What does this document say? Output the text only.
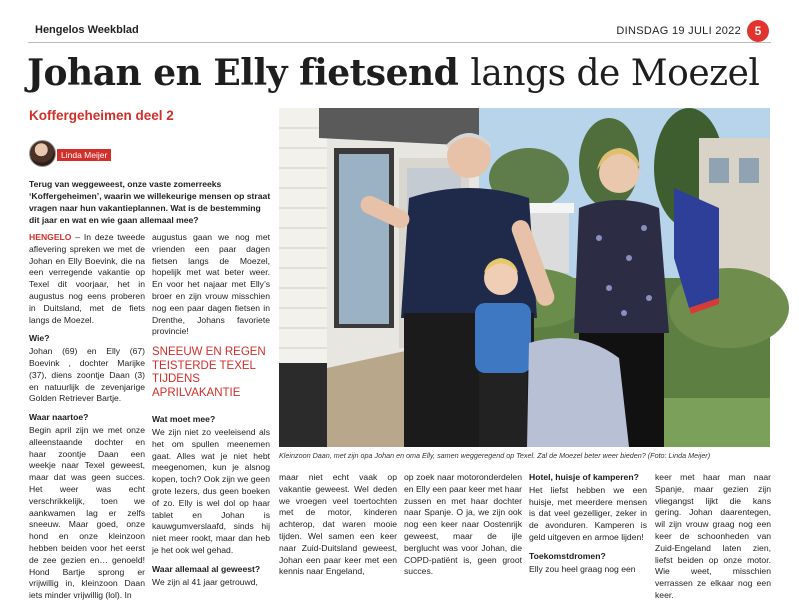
Hengelos Weekblad	DINSDAG 19 JULI 2022	5
Johan en Elly fietsend langs de Moezel
Koffergeheimen deel 2
Linda Meijer
Terug van weggeweest, onze vaste zomerreeks ‘Koffergeheimen’, waarin we willekeurige mensen op straat vragen naar hun vakantieplannen. Wat is de bestemming dit jaar en wat en wie gaan allemaal mee?

HENGELO – In deze tweede aflevering spreken we met de Johan en Elly Boevink, die na een verregende vakantie op Texel dit voorjaar, het in augustus nog eens proberen in Duitsland, met de fiets langs de Moezel.

Wie?

Johan (69) en Elly (67) Boevink , dochter Marijke (37), diens zoontje Daan (3) en natuurlijk de zevenjarige Golden Retriever Bartje.

Waar naartoe?

Begin april zijn we met onze alleenstaande dochter en haar zoontje Daan een weekje naar Texel geweest, maar dat was geen succes. Het weer was echt verschrikkelijk, toen we aankwamen lag er zelfs sneeuw. Maar goed, onze hond en onze kleinzoon hebben beiden voor het eerst de zee gezien en… genoeld! Hond Bartje sprong er vrijwillig in, kleinzoon Daan iets minder vrijwillig (lol). In

augustus gaan we nog met vrienden een paar dagen fietsen langs de Moezel, hopelijk met wat beter weer. En voor het najaar met Elly’s broer en zijn vrouw misschien nog een paar dagen fietsen in Drenthe, Johans favoriete provincie!

SNEEUW EN REGEN TEISTERDE TEXEL TIJDENS APRILVAKANTIE
Wat moet mee?

We zijn niet zo veeleisend als het om spullen meenemen gaat. Alles wat je niet hebt meegenomen, kun je alsnog kopen, toch? Ook zijn we geen grote lezers, dus geen boeken of zo. Elly is wel dol op haar tablet en Johan is kauwgumverslaafd, sinds hij niet meer rookt, maar dan heb je het ook wel gehad.

Waar allemaal al geweest?

We zijn al 41 jaar getrouwd,

Kleinzoon Daan, met zijn opa Johan en oma Elly, samen weggeregend op Texel. Zal de Moezel beter weer bieden? (Foto: Linda Meijer)

maar niet echt vaak op vakantie geweest. Wel deden we vroegen veel toertochten met de motor, kinderen achterop, dat waren mooie tijden. Wel samen een keer naar Zuid-Duitsland geweest, Johan een paar keer met een kennis naar Engeland,

op zoek naar motoronderdelen en Elly een paar keer met haar zussen en met haar dochter naar Spanje. O ja, we zijn ook nog een keer naar Oostenrijk geweest, maar de ijle berglucht was voor Johan, die COPD-patiënt is, geen groot succes.

Hotel, huisje of kamperen?

Het liefst hebben we een huisje, met meerdere mensen is dat veel gezelliger, zeker in de avonduren. Kamperen is geld uitgeven en armoe lijden!

Toekomstdromen?

Elly zou heel graag nog een

keer met haar man naar Spanje, maar gezien zijn vliegangst lijkt die kans gering. Johan daarentegen, wil zijn vrouw graag nog een keer de schoonheden van Zuid-Engeland laten zien, liefst beiden op onze motor. Wie weet, misschien verrassen ze elkaar nog een keer.
